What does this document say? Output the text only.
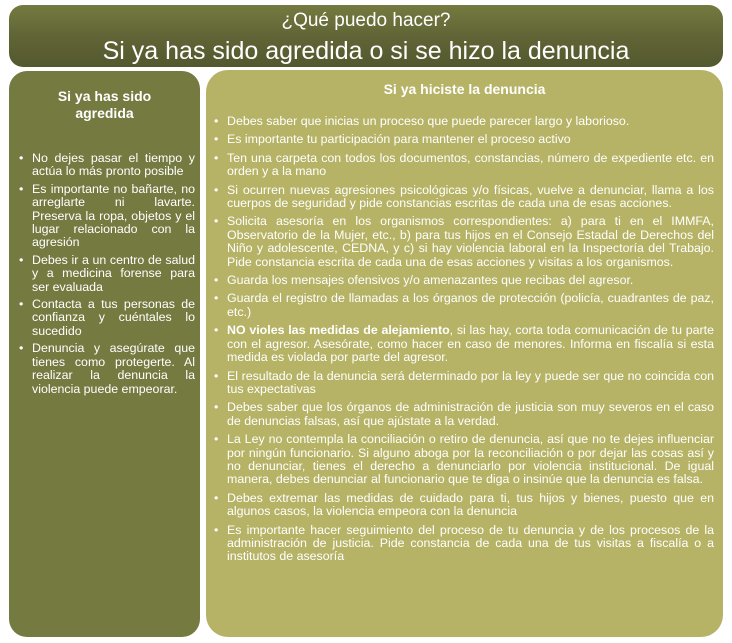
¿Qué puedo hacer?
Si ya has sido agredida o si se hizo la denuncia
Si ya has sido agredida
• No dejes pasar el tiempo y actúa lo más pronto posible
• Es importante no bañarte, no arreglarte ni lavarte. Preserva la ropa, objetos y el lugar relacionado con la agresión
• Debes ir a un centro de salud y a medicina forense para ser evaluada
• Contacta a tus personas de confianza y cuéntales lo sucedido
• Denuncia y asegúrate que tienes como protegerte. Al realizar la denuncia la violencia puede empeorar.
Si ya hiciste la denuncia
• Debes saber que inicias un proceso que puede parecer largo y laborioso.
• Es importante tu participación para mantener el proceso activo
• Ten una carpeta con todos los documentos, constancias, número de expediente etc. en orden y a la mano
• Si ocurren nuevas agresiones psicológicas y/o físicas, vuelve a denunciar, llama a los cuerpos de seguridad y pide constancias escritas de cada una de esas acciones.
• Solicita asesoría en los organismos correspondientes: a) para ti en el IMMFA, Observatorio de la Mujer, etc., b) para tus hijos en el Consejo Estadal de Derechos del Niño y adolescente, CEDNA, y c) si hay violencia laboral en la Inspectoría del Trabajo. Pide constancia escrita de cada una de esas acciones y visitas a los organismos.
• Guarda los mensajes ofensivos y/o amenazantes que recibas del agresor.
• Guarda el registro de llamadas a los órganos de protección (policía, cuadrantes de paz, etc.)
• NO violes las medidas de alejamiento, si las hay, corta toda comunicación de tu parte con el agresor. Asesórate, como hacer en caso de menores. Informa en fiscalía si esta medida es violada por parte del agresor.
• El resultado de la denuncia será determinado por la ley y puede ser que no coincida con tus expectativas
• Debes saber que los órganos de administración de justicia son muy severos en el caso de denuncias falsas, así que ajústate a la verdad.
• La Ley no contempla la conciliación o retiro de denuncia, así que no te dejes influenciar por ningún funcionario. Si alguno aboga por la reconciliación o por dejar las cosas así y no denunciar, tienes el derecho a denunciarlo por violencia institucional. De igual manera, debes denunciar al funcionario que te diga o insinúe que la denuncia es falsa.
• Debes extremar las medidas de cuidado para ti, tus hijos y bienes, puesto que en algunos casos, la violencia empeora con la denuncia
• Es importante hacer seguimiento del proceso de tu denuncia y de los procesos de la administración de justicia. Pide constancia de cada una de tus visitas a fiscalía o a institutos de asesoría
